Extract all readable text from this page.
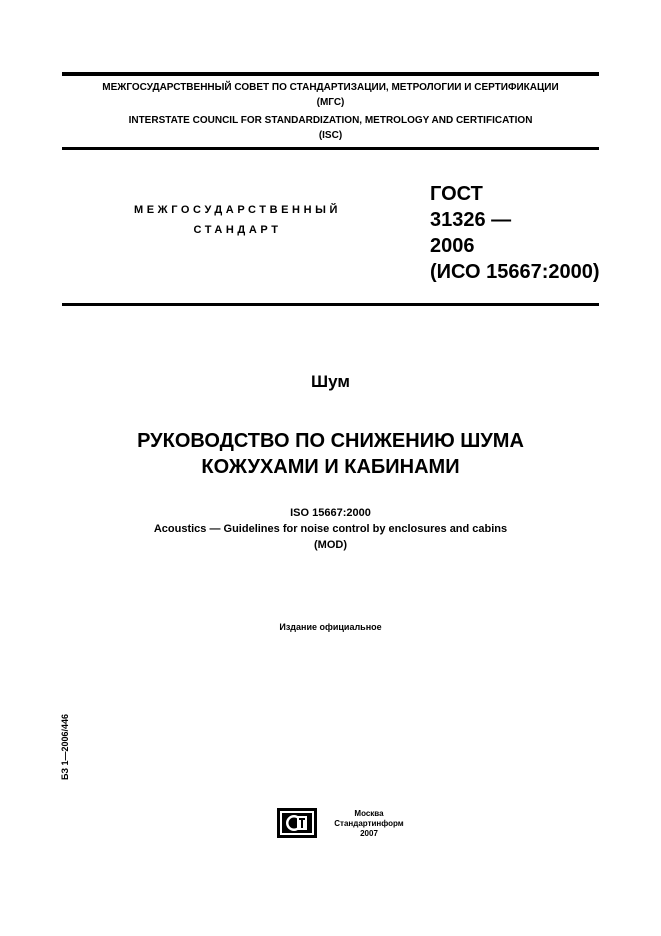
МЕЖГОСУДАРСТВЕННЫЙ СОВЕТ ПО СТАНДАРТИЗАЦИИ, МЕТРОЛОГИИ И СЕРТИФИКАЦИИ
(МГС)
INTERSTATE COUNCIL FOR STANDARDIZATION, METROLOGY AND CERTIFICATION
(ISC)
МЕЖГОСУДАРСТВЕННЫЙ
СТАНДАРТ
ГОСТ
31326 —
2006
(ИСО 15667:2000)
Шум
РУКОВОДСТВО ПО СНИЖЕНИЮ ШУМА
КОЖУХАМИ И КАБИНАМИ
ISO 15667:2000
Acoustics — Guidelines for noise control by enclosures and cabins
(MOD)
Издание официальное
БЗ 1—2006/446
Москва
Стандартинформ
2007
